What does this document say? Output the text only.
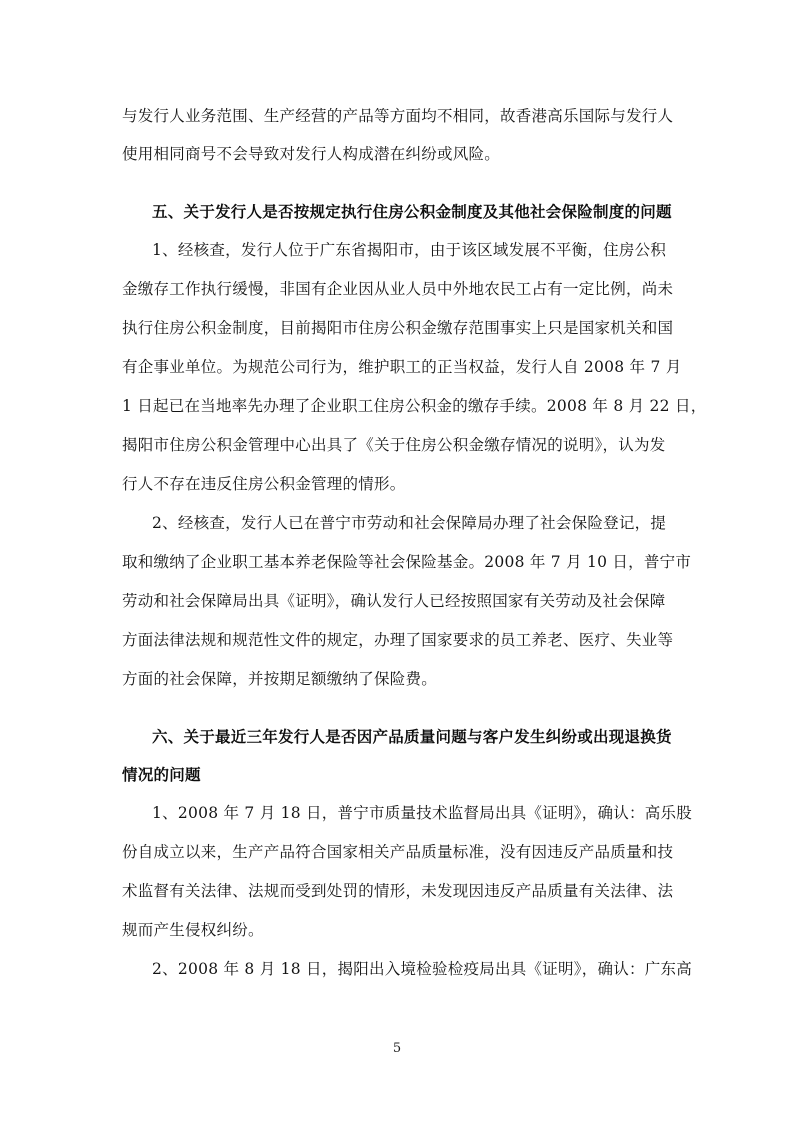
与发行人业务范围、生产经营的产品等方面均不相同，故香港高乐国际与发行人
使用相同商号不会导致对发行人构成潜在纠纷或风险。
五、关于发行人是否按规定执行住房公积金制度及其他社会保险制度的问题
1、经核查，发行人位于广东省揭阳市，由于该区域发展不平衡，住房公积
金缴存工作执行缓慢，非国有企业因从业人员中外地农民工占有一定比例，尚未
执行住房公积金制度，目前揭阳市住房公积金缴存范围事实上只是国家机关和国
有企事业单位。为规范公司行为，维护职工的正当权益，发行人自 2008 年 7 月
1 日起已在当地率先办理了企业职工住房公积金的缴存手续。2008 年 8 月 22 日，
揭阳市住房公积金管理中心出具了《关于住房公积金缴存情况的说明》，认为发
行人不存在违反住房公积金管理的情形。
2、经核查，发行人已在普宁市劳动和社会保障局办理了社会保险登记，提
取和缴纳了企业职工基本养老保险等社会保险基金。2008 年 7 月 10 日，普宁市
劳动和社会保障局出具《证明》，确认发行人已经按照国家有关劳动及社会保障
方面法律法规和规范性文件的规定，办理了国家要求的员工养老、医疗、失业等
方面的社会保障，并按期足额缴纳了保险费。
六、关于最近三年发行人是否因产品质量问题与客户发生纠纷或出现退换货
情况的问题
1、2008 年 7 月 18 日，普宁市质量技术监督局出具《证明》，确认：高乐股
份自成立以来，生产产品符合国家相关产品质量标准，没有因违反产品质量和技
术监督有关法律、法规而受到处罚的情形，未发现因违反产品质量有关法律、法
规而产生侵权纠纷。
2、2008 年 8 月 18 日，揭阳出入境检验检疫局出具《证明》，确认：广东高
5
